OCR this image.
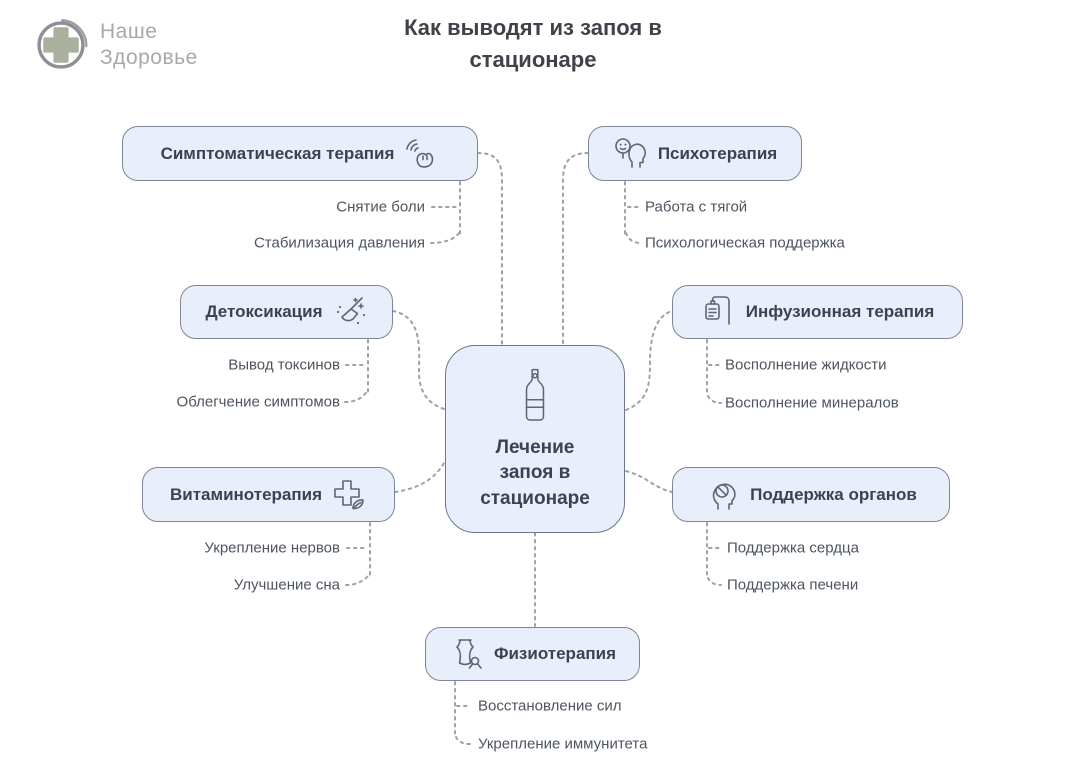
Наше
Здоровье
Как выводят из запоя в
стационаре
Симптоматическая терапия	Психотерапия
Детоксикация	Инфузионная терапия
Витаминотерапия	Поддержка органов
Физиотерапия
Лечение
запоя в
стационаре
Снятие боли
Стабилизация давления
Работа с тягой
Психологическая поддержка
Вывод токсинов
Облегчение симптомов
Восполнение жидкости
Восполнение минералов
Укрепление нервов
Улучшение сна
Поддержка сердца
Поддержка печени
Восстановление сил
Укрепление иммунитета
